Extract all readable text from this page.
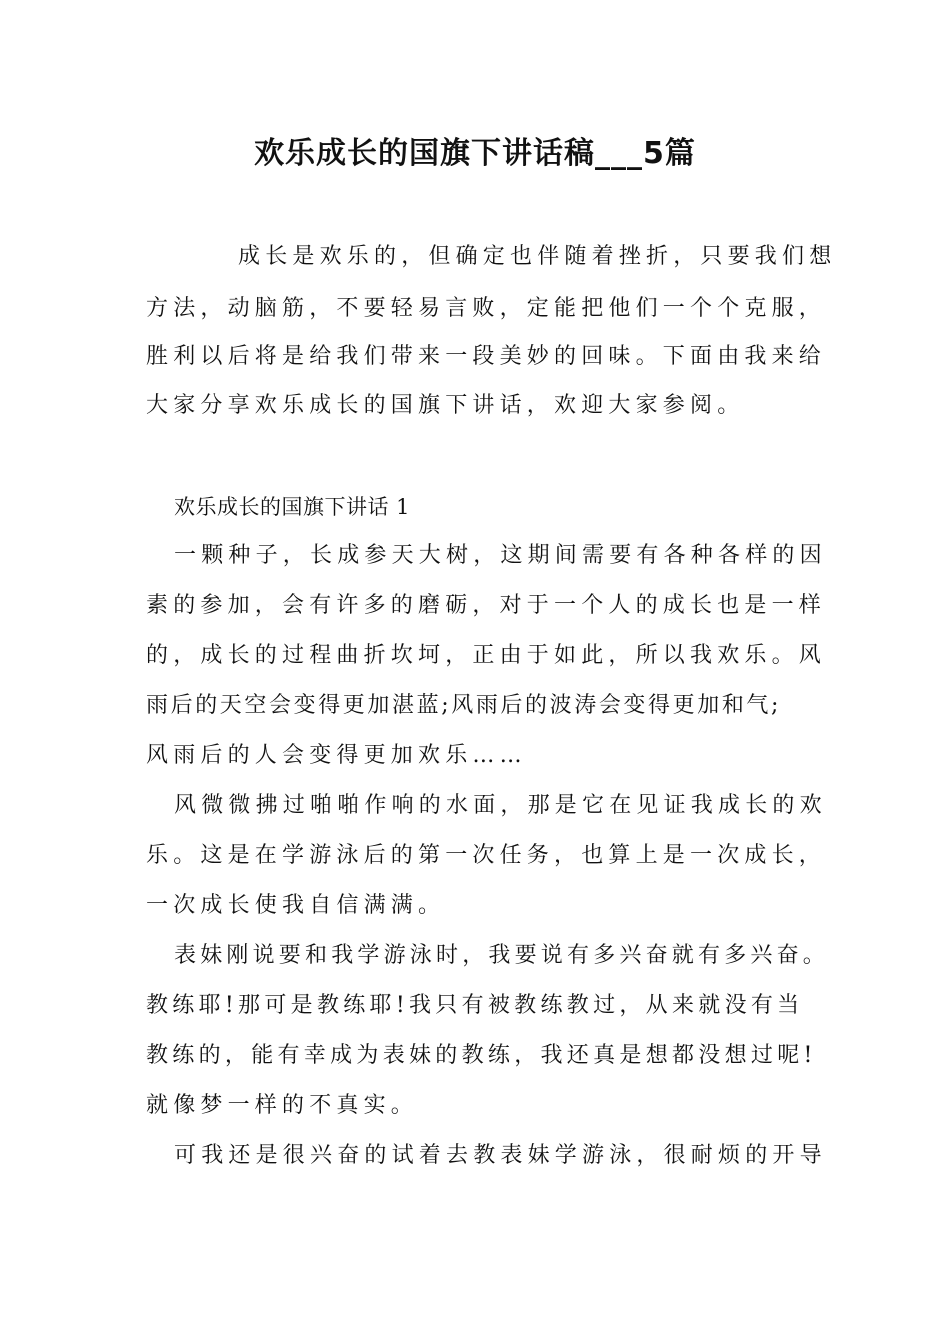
欢乐成长的国旗下讲话稿___5篇
成长是欢乐的，但确定也伴随着挫折，只要我们想
方法，动脑筋，不要轻易言败，定能把他们一个个克服，
胜利以后将是给我们带来一段美妙的回味。下面由我来给
大家分享欢乐成长的国旗下讲话，欢迎大家参阅。
欢乐成长的国旗下讲话 1
一颗种子，长成参天大树，这期间需要有各种各样的因
素的参加，会有许多的磨砺，对于一个人的成长也是一样
的，成长的过程曲折坎坷，正由于如此，所以我欢乐。风
雨后的天空会变得更加湛蓝;风雨后的波涛会变得更加和气;
风雨后的人会变得更加欢乐……
风微微拂过啪啪作响的水面，那是它在见证我成长的欢
乐。这是在学游泳后的第一次任务，也算上是一次成长，
一次成长使我自信满满。
表妹刚说要和我学游泳时，我要说有多兴奋就有多兴奋。
教练耶!那可是教练耶!我只有被教练教过，从来就没有当
教练的，能有幸成为表妹的教练，我还真是想都没想过呢!
就像梦一样的不真实。
可我还是很兴奋的试着去教表妹学游泳，很耐烦的开导
